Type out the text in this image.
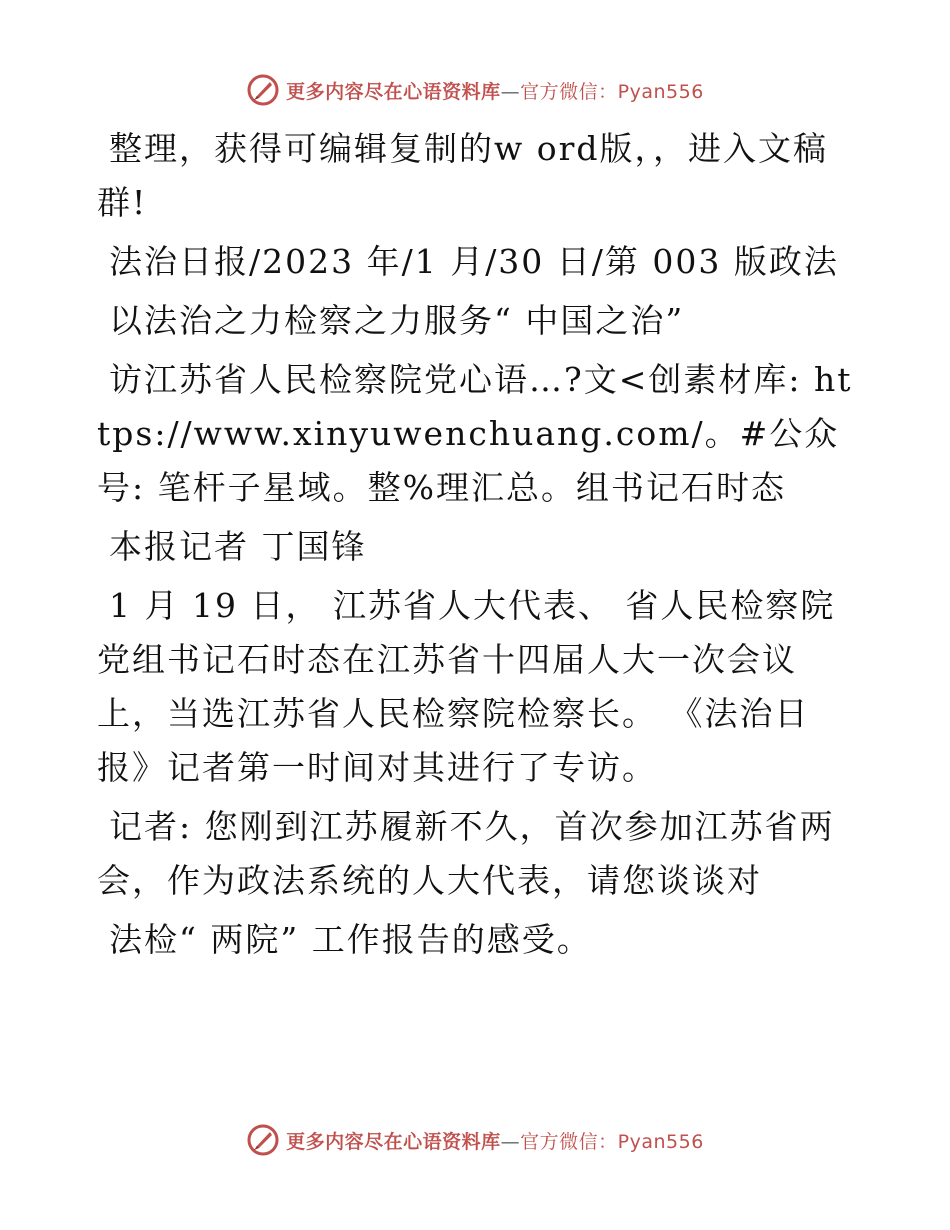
更多内容尽在心语资料库—官方微信：Pyan556

整理，获得可编辑复制的w ord版，，进入文稿群!

法治日报/2023 年/1 月/30 日/第 003 版政法

以法治之力检察之力服务“ 中国之治”

访江苏省人民检察院党心语…?文<创素材库: https://www.xinyuwenchuang.com/。#公众号: 笔杆子星域。整%理汇总。组书记石时态

本报记者 丁国锋

1 月 19 日， 江苏省人大代表、 省人民检察院党组书记石时态在江苏省十四届人大一次会议上，当选江苏省人民检察院检察长。 《法治日报》记者第一时间对其进行了专访。

记者: 您刚到江苏履新不久，首次参加江苏省两会，作为政法系统的人大代表，请您谈谈对

法检“ 两院” 工作报告的感受。

更多内容尽在心语资料库—官方微信：Pyan556
